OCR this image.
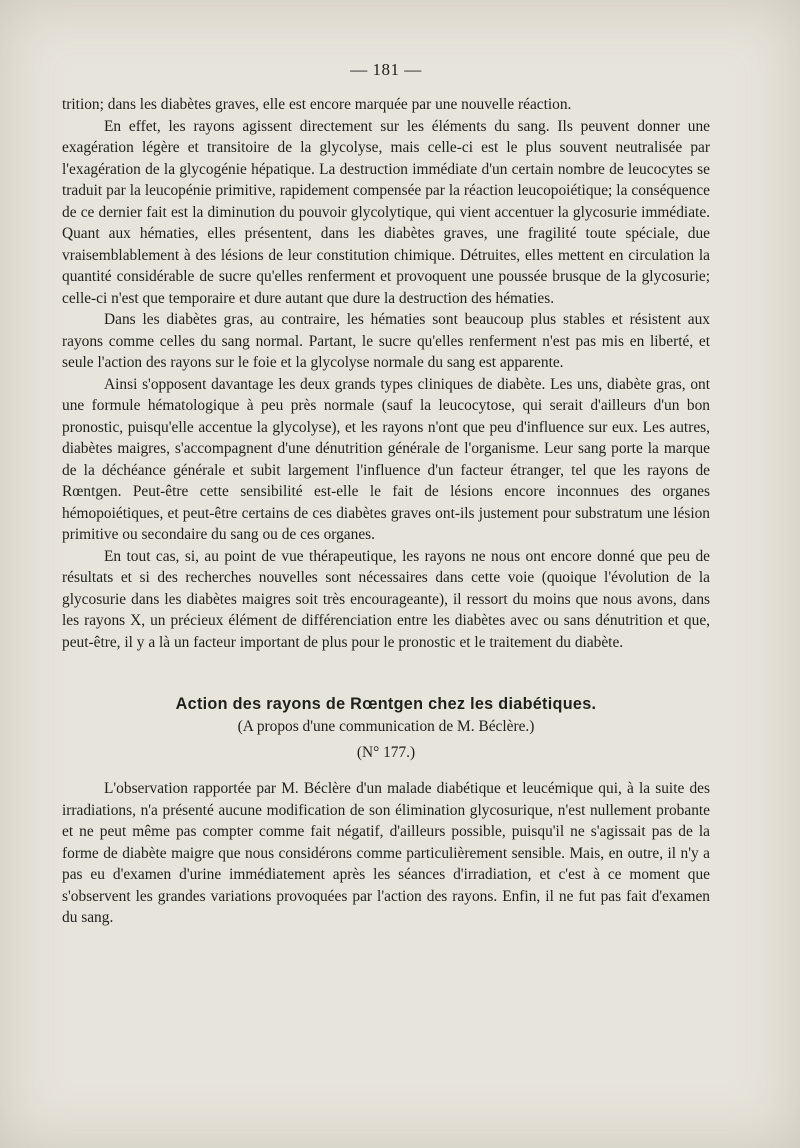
— 181 —

trition; dans les diabètes graves, elle est encore marquée par une nouvelle réaction.

En effet, les rayons agissent directement sur les éléments du sang. Ils peuvent donner une exagération légère et transitoire de la glycolyse, mais celle-ci est le plus souvent neutralisée par l'exagération de la glycogénie hépatique. La destruction immédiate d'un certain nombre de leucocytes se traduit par la leucopénie primitive, rapidement compensée par la réaction leucopoiétique; la conséquence de ce dernier fait est la diminution du pouvoir glycolytique, qui vient accentuer la glycosurie immédiate. Quant aux hématies, elles présentent, dans les diabètes graves, une fragilité toute spéciale, due vraisemblablement à des lésions de leur constitution chimique. Détruites, elles mettent en circulation la quantité considérable de sucre qu'elles renferment et provoquent une poussée brusque de la glycosurie; celle-ci n'est que temporaire et dure autant que dure la destruction des hématies.

Dans les diabètes gras, au contraire, les hématies sont beaucoup plus stables et résistent aux rayons comme celles du sang normal. Partant, le sucre qu'elles renferment n'est pas mis en liberté, et seule l'action des rayons sur le foie et la glycolyse normale du sang est apparente.

Ainsi s'opposent davantage les deux grands types cliniques de diabète. Les uns, diabète gras, ont une formule hématologique à peu près normale (sauf la leucocytose, qui serait d'ailleurs d'un bon pronostic, puisqu'elle accentue la glycolyse), et les rayons n'ont que peu d'influence sur eux. Les autres, diabètes maigres, s'accompagnent d'une dénutrition générale de l'organisme. Leur sang porte la marque de la déchéance générale et subit largement l'influence d'un facteur étranger, tel que les rayons de Rœntgen. Peut-être cette sensibilité est-elle le fait de lésions encore inconnues des organes hémopoiétiques, et peut-être certains de ces diabètes graves ont-ils justement pour substratum une lésion primitive ou secondaire du sang ou de ces organes.

En tout cas, si, au point de vue thérapeutique, les rayons ne nous ont encore donné que peu de résultats et si des recherches nouvelles sont nécessaires dans cette voie (quoique l'évolution de la glycosurie dans les diabètes maigres soit très encourageante), il ressort du moins que nous avons, dans les rayons X, un précieux élément de différenciation entre les diabètes avec ou sans dénutrition et que, peut-être, il y a là un facteur important de plus pour le pronostic et le traitement du diabète.

Action des rayons de Rœntgen chez les diabétiques.
(A propos d'une communication de M. Béclère.)
(N° 177.)

L'observation rapportée par M. Béclère d'un malade diabétique et leucémique qui, à la suite des irradiations, n'a présenté aucune modification de son élimination glycosurique, n'est nullement probante et ne peut même pas compter comme fait négatif, d'ailleurs possible, puisqu'il ne s'agissait pas de la forme de diabète maigre que nous considérons comme particulièrement sensible. Mais, en outre, il n'y a pas eu d'examen d'urine immédiatement après les séances d'irradiation, et c'est à ce moment que s'observent les grandes variations provoquées par l'action des rayons. Enfin, il ne fut pas fait d'examen du sang.
